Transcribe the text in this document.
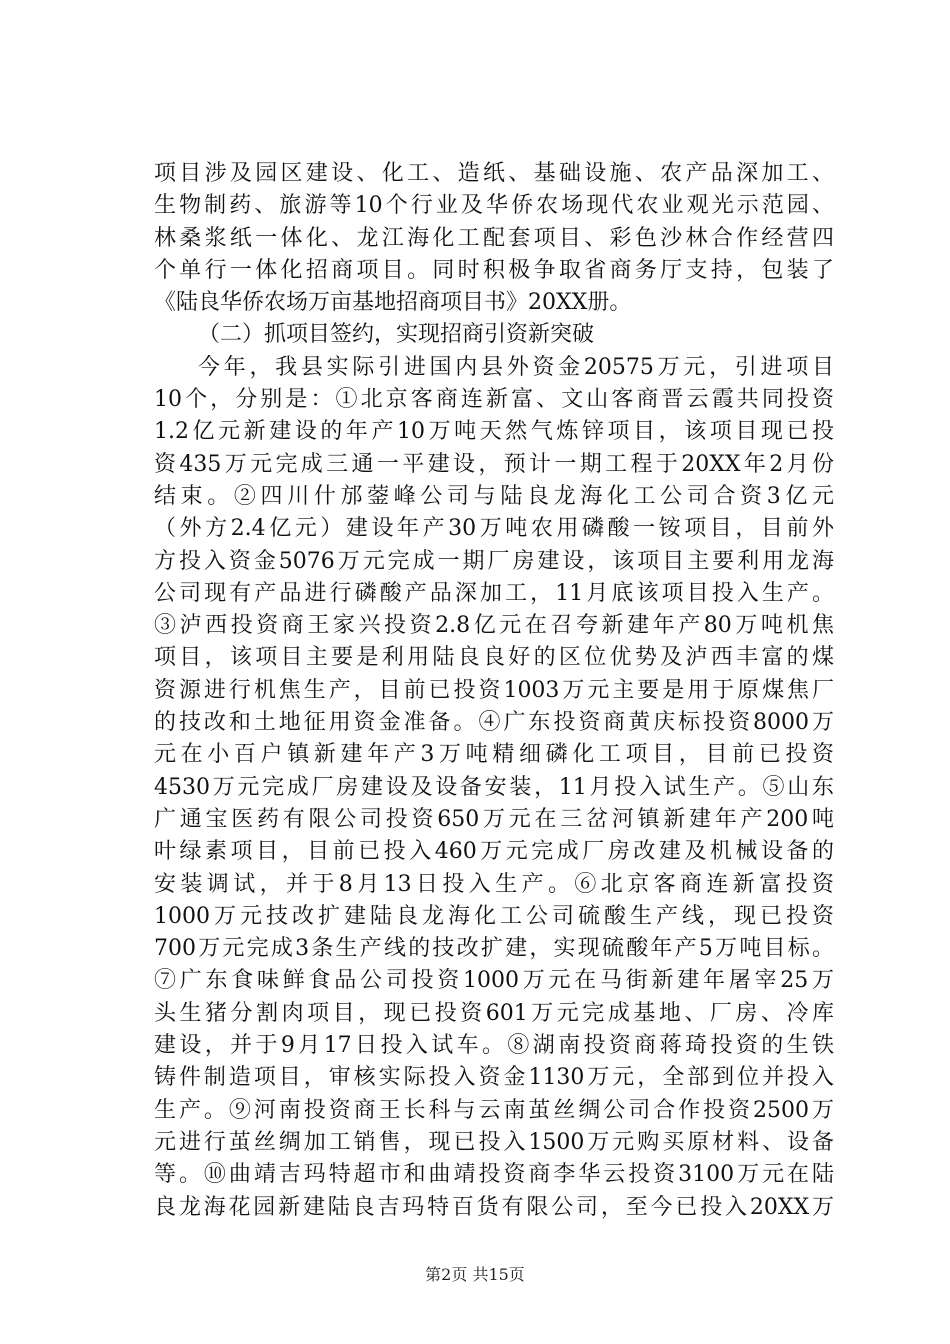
项目涉及园区建设、化工、造纸、基础设施、农产品深加工、
生物制药、旅游等10个行业及华侨农场现代农业观光示范园、
林桑浆纸一体化、龙江海化工配套项目、彩色沙林合作经营四
个单行一体化招商项目。同时积极争取省商务厅支持，包装了
《陆良华侨农场万亩基地招商项目书》20XX册。
（二）抓项目签约，实现招商引资新突破
今年，我县实际引进国内县外资金20575万元，引进项目
10个，分别是：①北京客商连新富、文山客商晋云霞共同投资
1.2亿元新建设的年产10万吨天然气炼锌项目，该项目现已投
资435万元完成三通一平建设，预计一期工程于20XX年2月份
结束。②四川什邡蓥峰公司与陆良龙海化工公司合资3亿元
（外方2.4亿元）建设年产30万吨农用磷酸一铵项目，目前外
方投入资金5076万元完成一期厂房建设，该项目主要利用龙海
公司现有产品进行磷酸产品深加工，11月底该项目投入生产。
③泸西投资商王家兴投资2.8亿元在召夸新建年产80万吨机焦
项目，该项目主要是利用陆良良好的区位优势及泸西丰富的煤
资源进行机焦生产，目前已投资1003万元主要是用于原煤焦厂
的技改和土地征用资金准备。④广东投资商黄庆标投资8000万
元在小百户镇新建年产3万吨精细磷化工项目，目前已投资
4530万元完成厂房建设及设备安装，11月投入试生产。⑤山东
广通宝医药有限公司投资650万元在三岔河镇新建年产200吨
叶绿素项目，目前已投入460万元完成厂房改建及机械设备的
安装调试，并于8月13日投入生产。⑥北京客商连新富投资
1000万元技改扩建陆良龙海化工公司硫酸生产线，现已投资
700万元完成3条生产线的技改扩建，实现硫酸年产5万吨目标。
⑦广东食味鲜食品公司投资1000万元在马街新建年屠宰25万
头生猪分割肉项目，现已投资601万元完成基地、厂房、冷库
建设，并于9月17日投入试车。⑧湖南投资商蒋琦投资的生铁
铸件制造项目，审核实际投入资金1130万元，全部到位并投入
生产。⑨河南投资商王长科与云南茧丝绸公司合作投资2500万
元进行茧丝绸加工销售，现已投入1500万元购买原材料、设备
等。⑩曲靖吉玛特超市和曲靖投资商李华云投资3100万元在陆
良龙海花园新建陆良吉玛特百货有限公司，至今已投入20XX万
第2页 共15页
